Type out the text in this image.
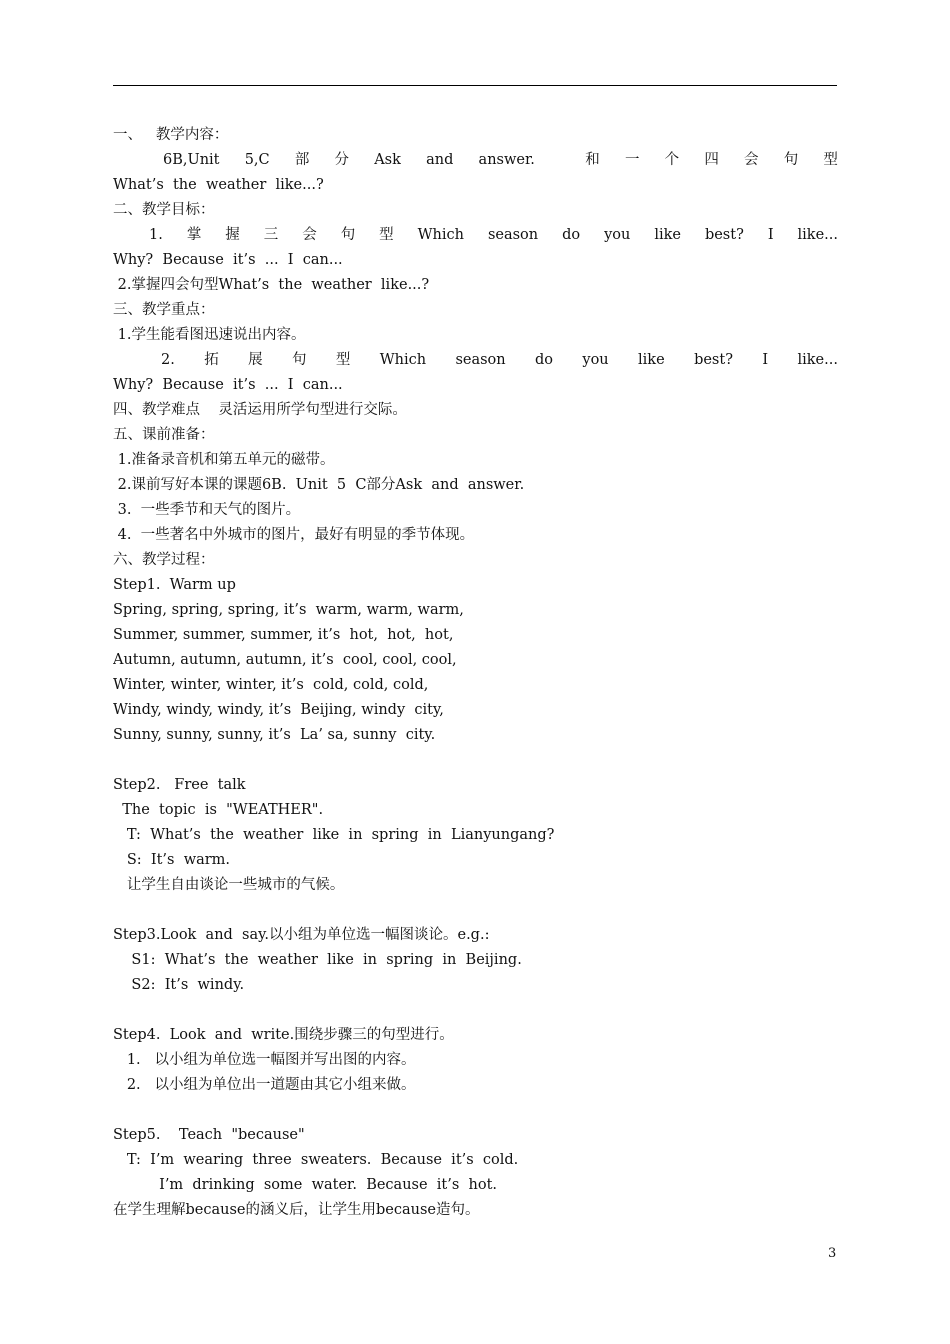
一、   教学内容：
6B,Unit 5,C 部 分 Ask and answer.	和 一 个 四 会 句 型
What’s  the  weather  like...?
二、教学目标：
1. 掌 握 三 会 句 型 Which season do you like best? I like...
Why?  Because  it’s  ...  I  can...
2.掌握四会句型What’s  the  weather  like...?
三、教学重点：
1.学生能看图迅速说出内容。
2. 拓 展 句 型 Which season do you like best? I like...
Why?  Because  it’s  ...  I  can...
四、教学难点    灵活运用所学句型进行交际。
五、课前准备：
1.准备录音机和第五单元的磁带。
2.课前写好本课的课题6B.  Unit  5  C部分Ask  and  answer.
3.  一些季节和天气的图片。
4.  一些著名中外城市的图片，最好有明显的季节体现。
六、教学过程：
Step1.  Warm up
Spring, spring, spring, it’s  warm, warm, warm,
Summer, summer, summer, it’s  hot,  hot,  hot,
Autumn, autumn, autumn, it’s  cool, cool, cool,
Winter, winter, winter, it’s  cold, cold, cold,
Windy, windy, windy, it’s  Beijing, windy  city,
Sunny, sunny, sunny, it’s  La’ sa, sunny  city.
Step2.   Free  talk
The  topic  is  "WEATHER".
T:  What’s  the  weather  like  in  spring  in  Lianyungang?
S:  It’s  warm.
让学生自由谈论一些城市的气候。
Step3.Look  and  say.以小组为单位选一幅图谈论。e.g.:
S1:  What’s  the  weather  like  in  spring  in  Beijing.
S2:  It’s  windy.
Step4.  Look  and  write.围绕步骤三的句型进行。
1.   以小组为单位选一幅图并写出图的内容。
2.   以小组为单位出一道题由其它小组来做。
Step5.    Teach  "because"
T:  I’m  wearing  three  sweaters.  Because  it’s  cold.
I’m  drinking  some  water.  Because  it’s  hot.
在学生理解because的涵义后，让学生用because造句。
3
